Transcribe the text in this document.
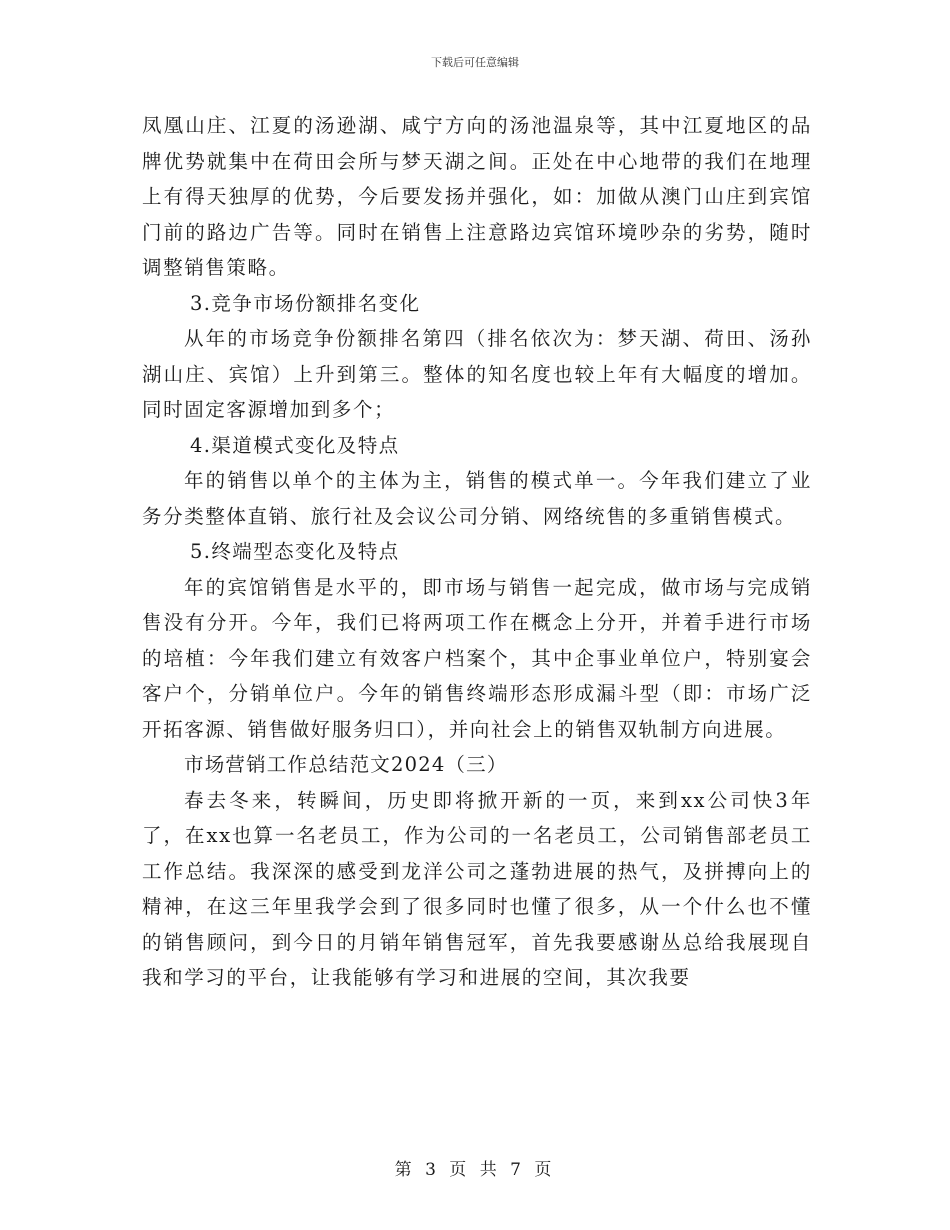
下载后可任意编辑

凤凰山庄、江夏的汤逊湖、咸宁方向的汤池温泉等，其中江夏地区的品牌优势就集中在荷田会所与梦天湖之间。正处在中心地带的我们在地理上有得天独厚的优势，今后要发扬并强化，如：加做从澳门山庄到宾馆门前的路边广告等。同时在销售上注意路边宾馆环境吵杂的劣势，随时调整销售策略。

3.竞争市场份额排名变化

从年的市场竞争份额排名第四（排名依次为：梦天湖、荷田、汤孙湖山庄、宾馆）上升到第三。整体的知名度也较上年有大幅度的增加。同时固定客源增加到多个；

4.渠道模式变化及特点

年的销售以单个的主体为主，销售的模式单一。今年我们建立了业务分类整体直销、旅行社及会议公司分销、网络统售的多重销售模式。

5.终端型态变化及特点

年的宾馆销售是水平的，即市场与销售一起完成，做市场与完成销售没有分开。今年，我们已将两项工作在概念上分开，并着手进行市场的培植：今年我们建立有效客户档案个，其中企事业单位户，特别宴会客户个，分销单位户。今年的销售终端形态形成漏斗型（即：市场广泛开拓客源、销售做好服务归口），并向社会上的销售双轨制方向进展。

市场营销工作总结范文2024（三）

春去冬来，转瞬间，历史即将掀开新的一页，来到xx公司快3年了，在xx也算一名老员工，作为公司的一名老员工，公司销售部老员工工作总结。我深深的感受到龙洋公司之蓬勃进展的热气，及拼搏向上的精神，在这三年里我学会到了很多同时也懂了很多，从一个什么也不懂的销售顾问，到今日的月销年销售冠军，首先我要感谢丛总给我展现自我和学习的平台，让我能够有学习和进展的空间，其次我要

第 3 页 共 7 页
